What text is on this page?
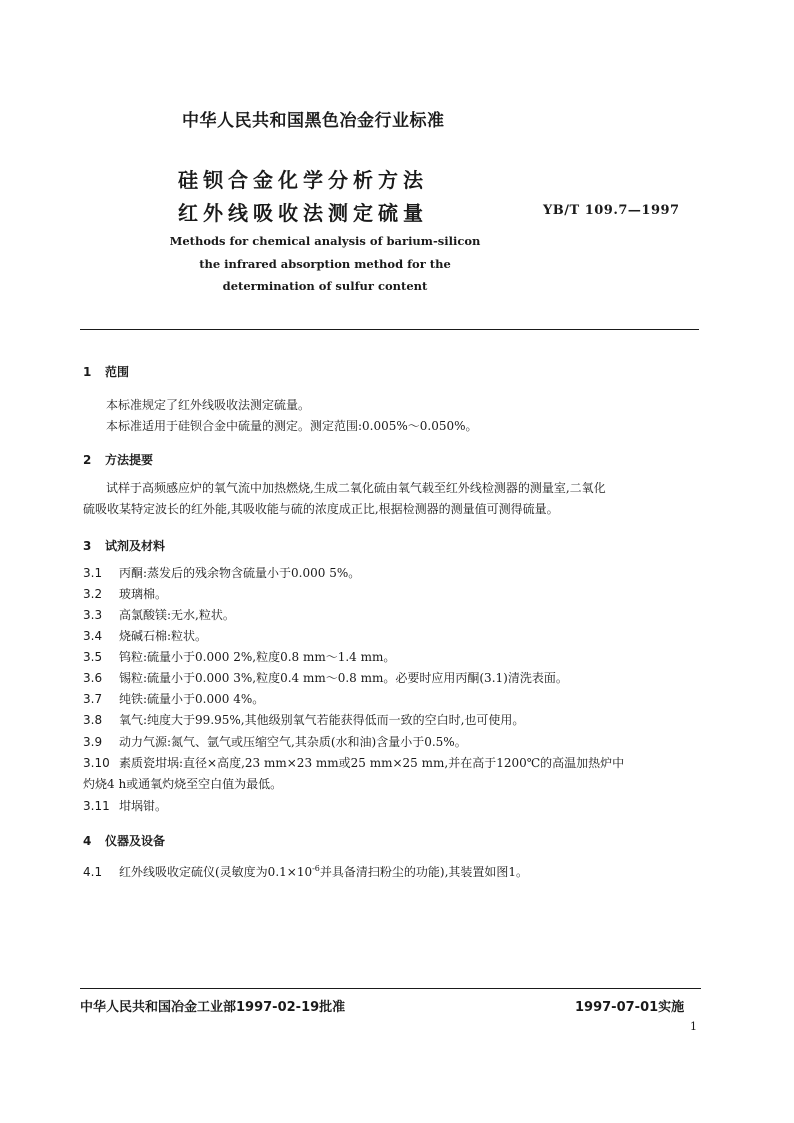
中华人民共和国黑色冶金行业标准
硅钡合金化学分析方法
红外线吸收法测定硫量	YB/T 109.7—1997
Methods for chemical analysis of barium-silicon
the infrared absorption method for the
determination of sulfur content
1 范围
本标准规定了红外线吸收法测定硫量。
本标准适用于硅钡合金中硫量的测定。测定范围:0.005%～0.050%。
2 方法提要
试样于高频感应炉的氧气流中加热燃烧,生成二氧化硫由氧气载至红外线检测器的测量室,二氧化
硫吸收某特定波长的红外能,其吸收能与硫的浓度成正比,根据检测器的测量值可测得硫量。
3 试剂及材料
3.1 丙酮:蒸发后的残余物含硫量小于0.000 5%。
3.2 玻璃棉。
3.3 高氯酸镁:无水,粒状。
3.4 烧碱石棉:粒状。
3.5 钨粒:硫量小于0.000 2%,粒度0.8 mm～1.4 mm。
3.6 锡粒:硫量小于0.000 3%,粒度0.4 mm～0.8 mm。必要时应用丙酮(3.1)清洗表面。
3.7 纯铁:硫量小于0.000 4%。
3.8 氧气:纯度大于99.95%,其他级别氧气若能获得低而一致的空白时,也可使用。
3.9 动力气源:氮气、氩气或压缩空气,其杂质(水和油)含量小于0.5%。
3.10 素质瓷坩埚:直径×高度,23 mm×23 mm或25 mm×25 mm,并在高于1200℃的高温加热炉中
灼烧4 h或通氧灼烧至空白值为最低。
3.11 坩埚钳。
4 仪器及设备
4.1 红外线吸收定硫仪(灵敏度为$0.1\times 10^{-6}$并具备清扫粉尘的功能),其装置如图1。
中华人民共和国冶金工业部1997-02-19批准	1997-07-01实施
1
